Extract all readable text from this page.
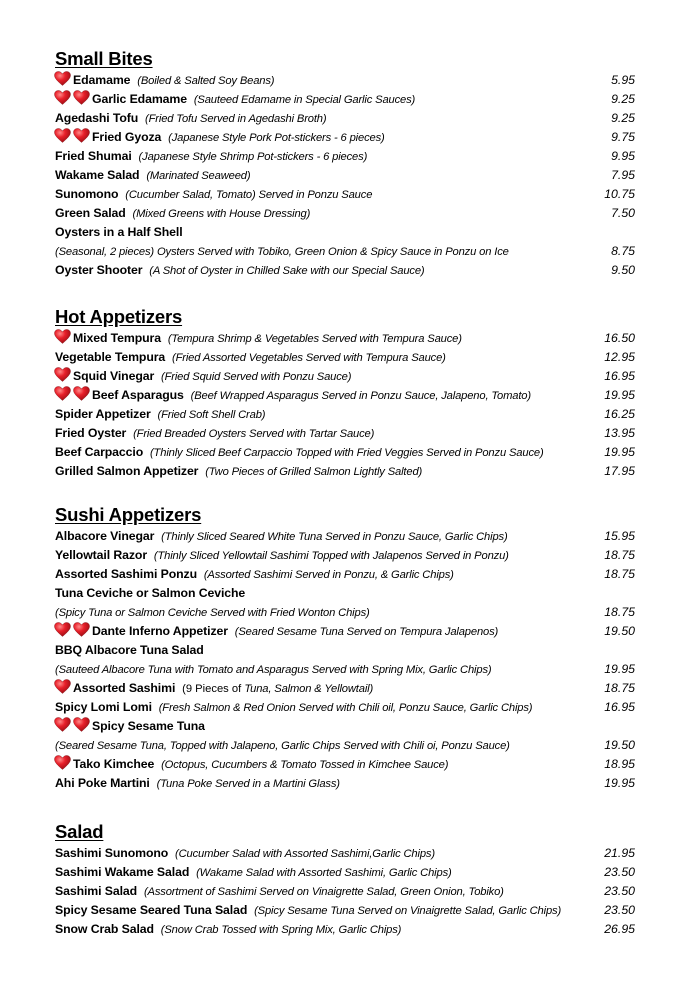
Small Bites
Edamame (Boiled & Salted Soy Beans)	5.95
Garlic Edamame (Sauteed Edamame in Special Garlic Sauces)	9.25
Agedashi Tofu (Fried Tofu Served in Agedashi Broth)	9.25
Fried Gyoza (Japanese Style Pork Pot-stickers - 6 pieces)	9.75
Fried Shumai (Japanese Style Shrimp Pot-stickers - 6 pieces)	9.95
Wakame Salad (Marinated Seaweed)	7.95
Sunomono (Cucumber Salad, Tomato) Served in Ponzu Sauce	10.75
Green Salad (Mixed Greens with House Dressing)	7.50
Oysters in a Half Shell
(Seasonal, 2 pieces) Oysters Served with Tobiko, Green Onion & Spicy Sauce in Ponzu on Ice	8.75
Oyster Shooter (A Shot of Oyster in Chilled Sake with our Special Sauce)	9.50
Hot Appetizers
Mixed Tempura (Tempura Shrimp & Vegetables Served with Tempura Sauce)	16.50
Vegetable Tempura (Fried Assorted Vegetables Served with Tempura Sauce)	12.95
Squid Vinegar (Fried Squid Served with Ponzu Sauce)	16.95
Beef Asparagus (Beef Wrapped Asparagus Served in Ponzu Sauce, Jalapeno, Tomato)	19.95
Spider Appetizer (Fried Soft Shell Crab)	16.25
Fried Oyster (Fried Breaded Oysters Served with Tartar Sauce)	13.95
Beef Carpaccio (Thinly Sliced Beef Carpaccio Topped with Fried Veggies Served in Ponzu Sauce)	19.95
Grilled Salmon Appetizer (Two Pieces of Grilled Salmon Lightly Salted)	17.95
Sushi Appetizers
Albacore Vinegar (Thinly Sliced Seared White Tuna Served in Ponzu Sauce, Garlic Chips)	15.95
Yellowtail Razor (Thinly Sliced Yellowtail Sashimi Topped with Jalapenos Served in Ponzu)	18.75
Assorted Sashimi Ponzu (Assorted Sashimi Served in Ponzu, & Garlic Chips)	18.75
Tuna Ceviche or Salmon Ceviche
(Spicy Tuna or Salmon Ceviche Served with Fried Wonton Chips)	18.75
Dante Inferno Appetizer (Seared Sesame Tuna Served on Tempura Jalapenos)	19.50
BBQ Albacore Tuna Salad
(Sauteed Albacore Tuna with Tomato and Asparagus Served with Spring Mix, Garlic Chips)	19.95
Assorted Sashimi (9 Pieces of Tuna, Salmon & Yellowtail)	18.75
Spicy Lomi Lomi (Fresh Salmon & Red Onion Served with Chili oil, Ponzu Sauce, Garlic Chips)	16.95
Spicy Sesame Tuna
(Seared Sesame Tuna, Topped with Jalapeno, Garlic Chips Served with Chili oi, Ponzu Sauce)	19.50
Tako Kimchee (Octopus, Cucumbers & Tomato Tossed in Kimchee Sauce)	18.95
Ahi Poke Martini (Tuna Poke Served in a Martini Glass)	19.95
Salad
Sashimi Sunomono (Cucumber Salad with Assorted Sashimi,Garlic Chips)	21.95
Sashimi Wakame Salad (Wakame Salad with Assorted Sashimi, Garlic Chips)	23.50
Sashimi Salad (Assortment of Sashimi Served on Vinaigrette Salad, Green Onion, Tobiko)	23.50
Spicy Sesame Seared Tuna Salad (Spicy Sesame Tuna Served on Vinaigrette Salad, Garlic Chips)	23.50
Snow Crab Salad (Snow Crab Tossed with Spring Mix, Garlic Chips)	26.95
